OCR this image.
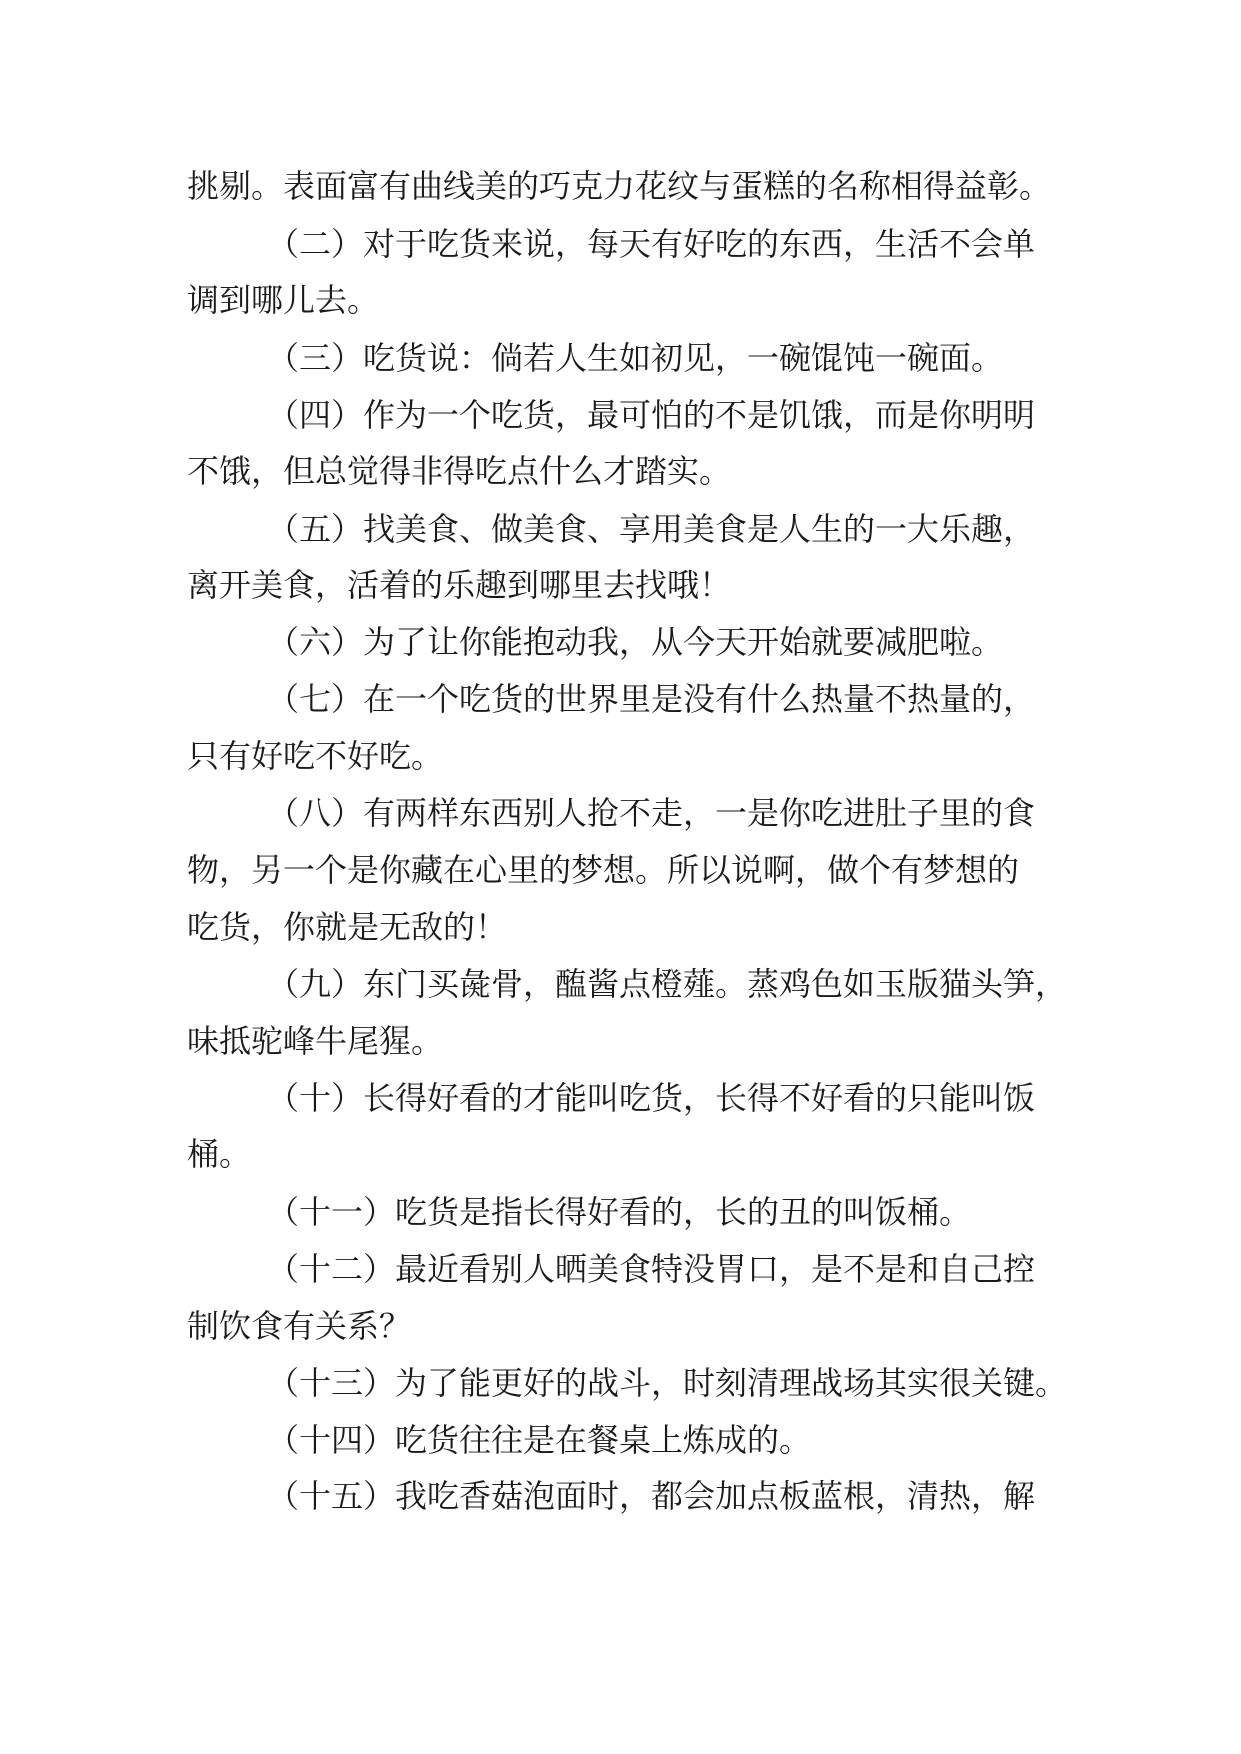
挑剔。表面富有曲线美的巧克力花纹与蛋糕的名称相得益彰。
（二）对于吃货来说，每天有好吃的东西，生活不会单
调到哪儿去。
（三）吃货说：倘若人生如初见，一碗馄饨一碗面。
（四）作为一个吃货，最可怕的不是饥饿，而是你明明
不饿，但总觉得非得吃点什么才踏实。
（五）找美食、做美食、享用美食是人生的一大乐趣，
离开美食，活着的乐趣到哪里去找哦！
（六）为了让你能抱动我，从今天开始就要减肥啦。
（七）在一个吃货的世界里是没有什么热量不热量的，
只有好吃不好吃。
（八）有两样东西别人抢不走，一是你吃进肚子里的食
物，另一个是你藏在心里的梦想。所以说啊，做个有梦想的
吃货，你就是无敌的！
（九）东门买彘骨，醢酱点橙薤。蒸鸡色如玉版猫头笋，
味抵驼峰牛尾猩。
（十）长得好看的才能叫吃货，长得不好看的只能叫饭
桶。
（十一）吃货是指长得好看的，长的丑的叫饭桶。
（十二）最近看别人晒美食特没胃口，是不是和自己控
制饮食有关系？
（十三）为了能更好的战斗，时刻清理战场其实很关键。
（十四）吃货往往是在餐桌上炼成的。
（十五）我吃香菇泡面时，都会加点板蓝根，清热，解
